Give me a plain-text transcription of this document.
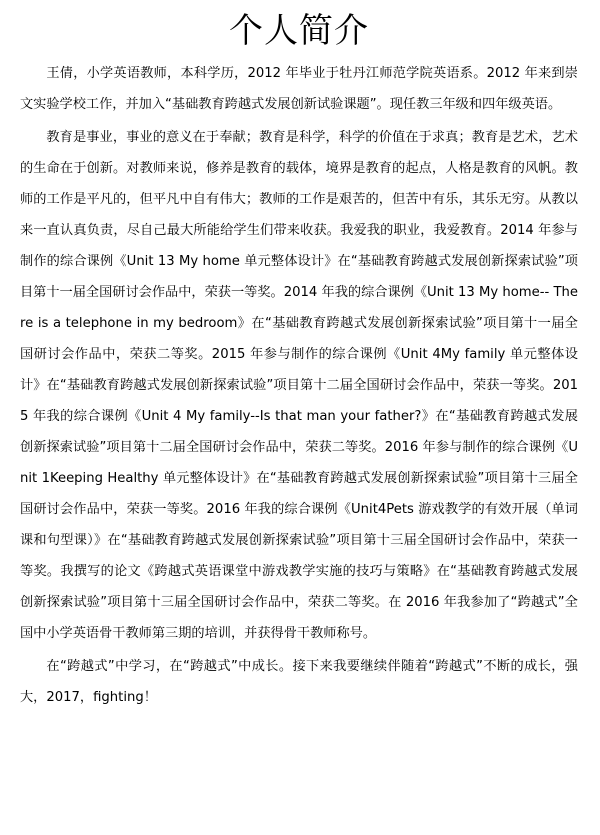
个人简介

王倩，小学英语教师，本科学历，2012 年毕业于牡丹江师范学院英语系。2012 年来到崇文实验学校工作，并加入“基础教育跨越式发展创新试验课题”。现任教三年级和四年级英语。

教育是事业，事业的意义在于奉献；教育是科学，科学的价值在于求真；教育是艺术，艺术的生命在于创新。对教师来说，修养是教育的载体，境界是教育的起点，人格是教育的风帆。教师的工作是平凡的，但平凡中自有伟大；教师的工作是艰苦的，但苦中有乐，其乐无穷。从教以来一直认真负责，尽自己最大所能给学生们带来收获。我爱我的职业，我爱教育。2014 年参与制作的综合课例《Unit 13 My home 单元整体设计》在“基础教育跨越式发展创新探索试验”项目第十一届全国研讨会作品中，荣获一等奖。2014 年我的综合课例《Unit 13 My home-- There is a telephone in my bedroom》在“基础教育跨越式发展创新探索试验”项目第十一届全国研讨会作品中，荣获二等奖。2015 年参与制作的综合课例《Unit 4My family 单元整体设计》在“基础教育跨越式发展创新探索试验”项目第十二届全国研讨会作品中，荣获一等奖。2015 年我的综合课例《Unit 4 My family--Is that man your father?》在“基础教育跨越式发展创新探索试验”项目第十二届全国研讨会作品中，荣获二等奖。2016 年参与制作的综合课例《Unit 1Keeping Healthy 单元整体设计》在“基础教育跨越式发展创新探索试验”项目第十三届全国研讨会作品中，荣获一等奖。2016 年我的综合课例《Unit4Pets 游戏教学的有效开展（单词课和句型课）》在“基础教育跨越式发展创新探索试验”项目第十三届全国研讨会作品中，荣获一等奖。我撰写的论文《跨越式英语课堂中游戏教学实施的技巧与策略》在“基础教育跨越式发展创新探索试验”项目第十三届全国研讨会作品中，荣获二等奖。在 2016 年我参加了“跨越式”全国中小学英语骨干教师第三期的培训，并获得骨干教师称号。

在“跨越式”中学习，在“跨越式”中成长。接下来我要继续伴随着“跨越式”不断的成长，强大，2017，fighting！
